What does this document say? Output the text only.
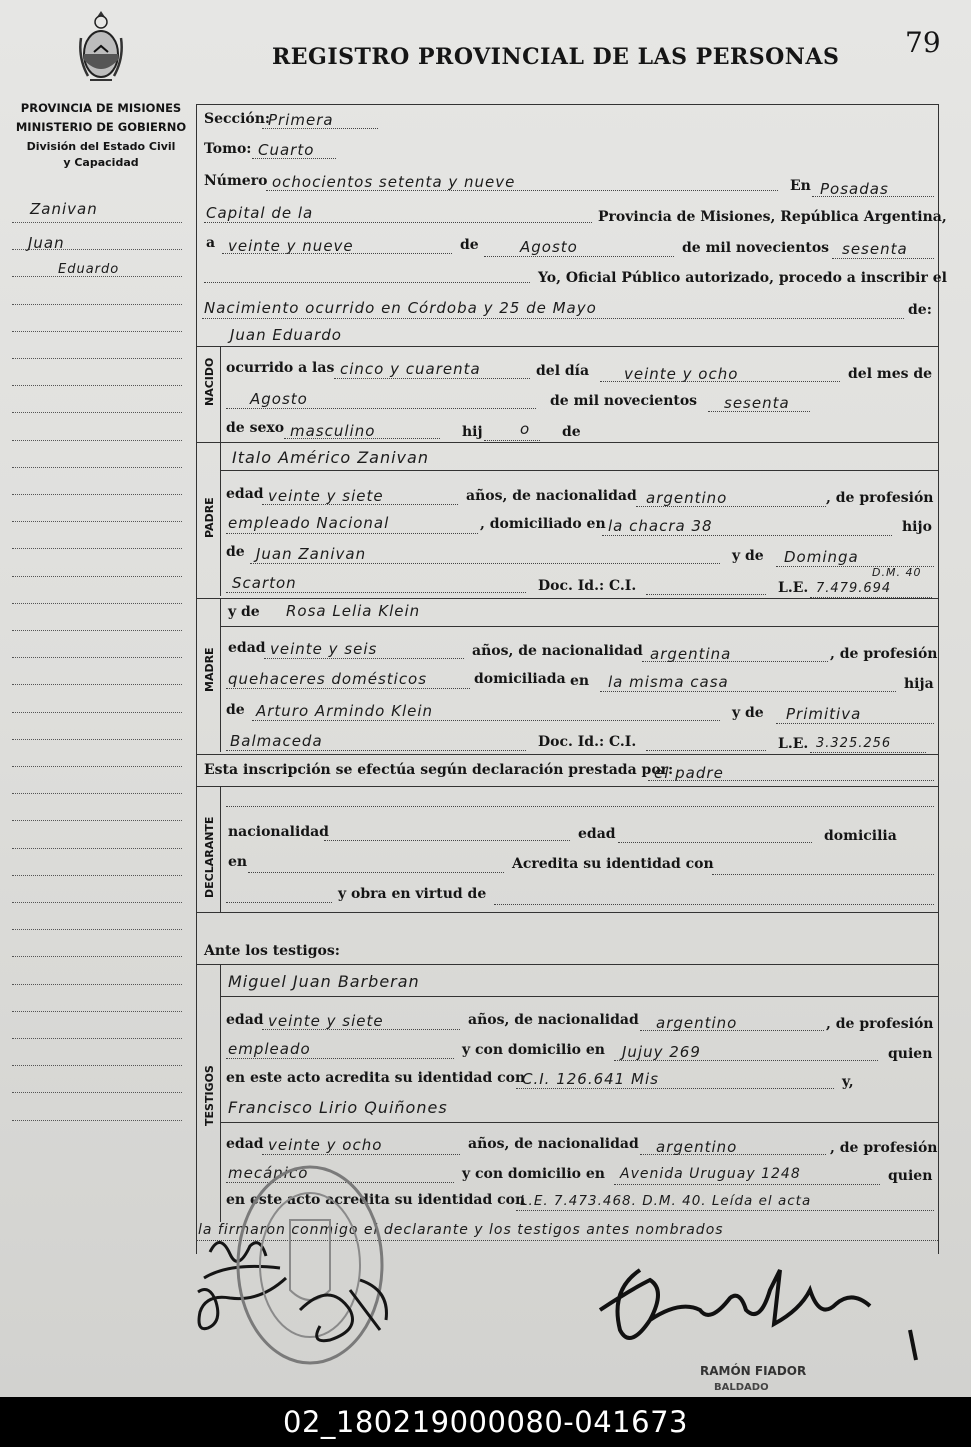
REGISTRO PROVINCIAL DE LAS PERSONAS 79
PROVINCIA DE MISIONES
MINISTERIO DE GOBIERNO
División del Estado Civil
y Capacidad
Zanivan
Juan
Eduardo
Sección:
Primera
Tomo: Cuarto
Número ochocientos setenta y nueve	En Posadas
Capital de la	Provincia de Misiones, República Argentina,
a veinte y nueve	de	Agosto	de mil novecientos sesenta
Yo, Oficial Público autorizado, procedo a inscribir el
Nacimiento ocurrido en Córdoba y 25 de Mayo	de:
Juan Eduardo
NACIDO ocurrido a las cinco y cuarenta	del día veinte y ocho	del mes de
Agosto	de mil novecientos sesenta
de sexo masculino	hij o de
Italo Américo Zanivan
PADRE
edad veinte y siete	años, de nacionalidad argentino	, de profesión
empleado Nacional	, domiciliado en la chacra 38	hijo
de Juan Zanivan	y de Dominga
Scarton	Doc. Id.: C.I.	L.E. 7.479.694
D.M. 40
y de Rosa Lelia Klein
MADRE edad veinte y seis	años, de nacionalidad argentina	, de profesión
quehaceres domésticos	domiciliada en la misma casa	hija
de Arturo Armindo Klein	y de Primitiva
Balmaceda	Doc. Id.: C.I.	L.E. 3.325.256
Esta inscripción se efectúa según declaración prestada por:
el padre
DECLARANTE nacionalidad	edad	domicilia
en	Acredita su identidad con
y obra en virtud de
Ante los testigos:
TESTIGOS
Miguel Juan Barberan
edad veinte y siete	años, de nacionalidad argentino	, de profesión
empleado	y con domicilio en Jujuy 269	quien
en este acto acredita su identidad con
C.I. 126.641 Mis	y,
Francisco Lirio Quiñones
edad veinte y ocho	años, de nacionalidad argentino	, de profesión
mecánico	y con domicilio en Avenida Uruguay 1248	quien
en este acto acredita su identidad con
L.E. 7.473.468. D.M. 40. Leída el acta
la firmaron conmigo el declarante y los testigos antes nombrados
RAMÓN FIADOR
BALDADO
02_180219000080-041673
